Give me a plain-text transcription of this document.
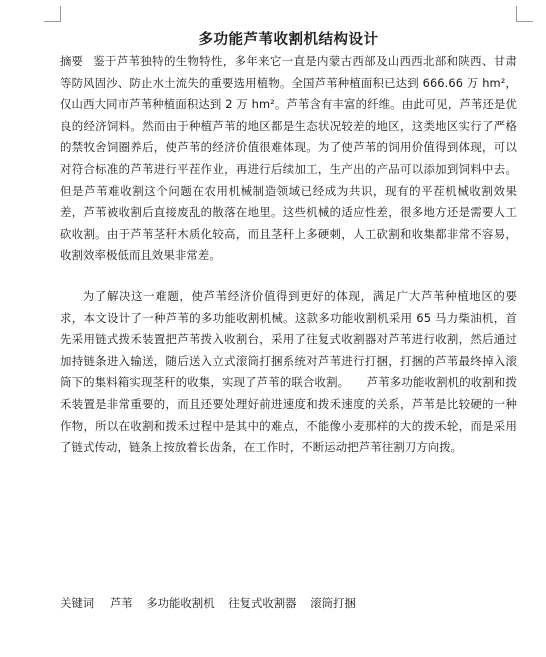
多功能芦苇收割机结构设计
摘要 鉴于芦苇独特的生物特性，多年来它一直是内蒙古西部及山西西北部和陕西、甘肃等防风固沙、防止水土流失的重要选用植物。全国芦苇种植面积已达到 666.66 万 hm²，仅山西大同市芦苇种植面积达到 2 万 hm²。芦苇含有丰富的纤维。由此可见，芦苇还是优良的经济饲料。然而由于种植芦苇的地区都是生态状况较差的地区，这类地区实行了严格的禁牧舍饲圈养后，使芦苇的经济价值很难体现。为了使芦苇的饲用价值得到体现，可以对符合标准的芦苇进行平茬作业，再进行后续加工，生产出的产品可以添加到饲料中去。但是芦苇难收割这个问题在农用机械制造领域已经成为共识，现有的平茬机械收割效果差，芦苇被收割后直接废乱的散落在地里。这些机械的适应性差，很多地方还是需要人工砍收割。由于芦苇茎秆木质化较高，而且茎秆上多硬刺，人工砍割和收集都非常不容易，收割效率极低而且效果非常差。
为了解决这一难题，使芦苇经济价值得到更好的体现，满足广大芦苇种植地区的要求，本文设计了一种芦苇的多功能收割机械。这款多功能收割机采用 65 马力柴油机，首先采用链式拨禾装置把芦苇拨入收割台，采用了往复式收割器对芦苇进行收割，然后通过加持链条进入输送，随后送入立式滚筒打捆系统对芦苇进行打捆，打捆的芦苇最终掉入滚筒下的集料箱实现茎秆的收集，实现了芦苇的联合收割。　　芦苇多功能收割机的收割和拨禾装置是非常重要的，而且还要处理好前进速度和拨禾速度的关系，芦苇是比较硬的一种作物，所以在收割和拨禾过程中是其中的难点，不能像小麦那样的大的拨禾轮，而是采用了链式传动，链条上按放着长齿条，在工作时，不断运动把芦苇往割刀方向拨。
关键词 芦苇 多功能收割机 往复式收割器 滚筒打捆
